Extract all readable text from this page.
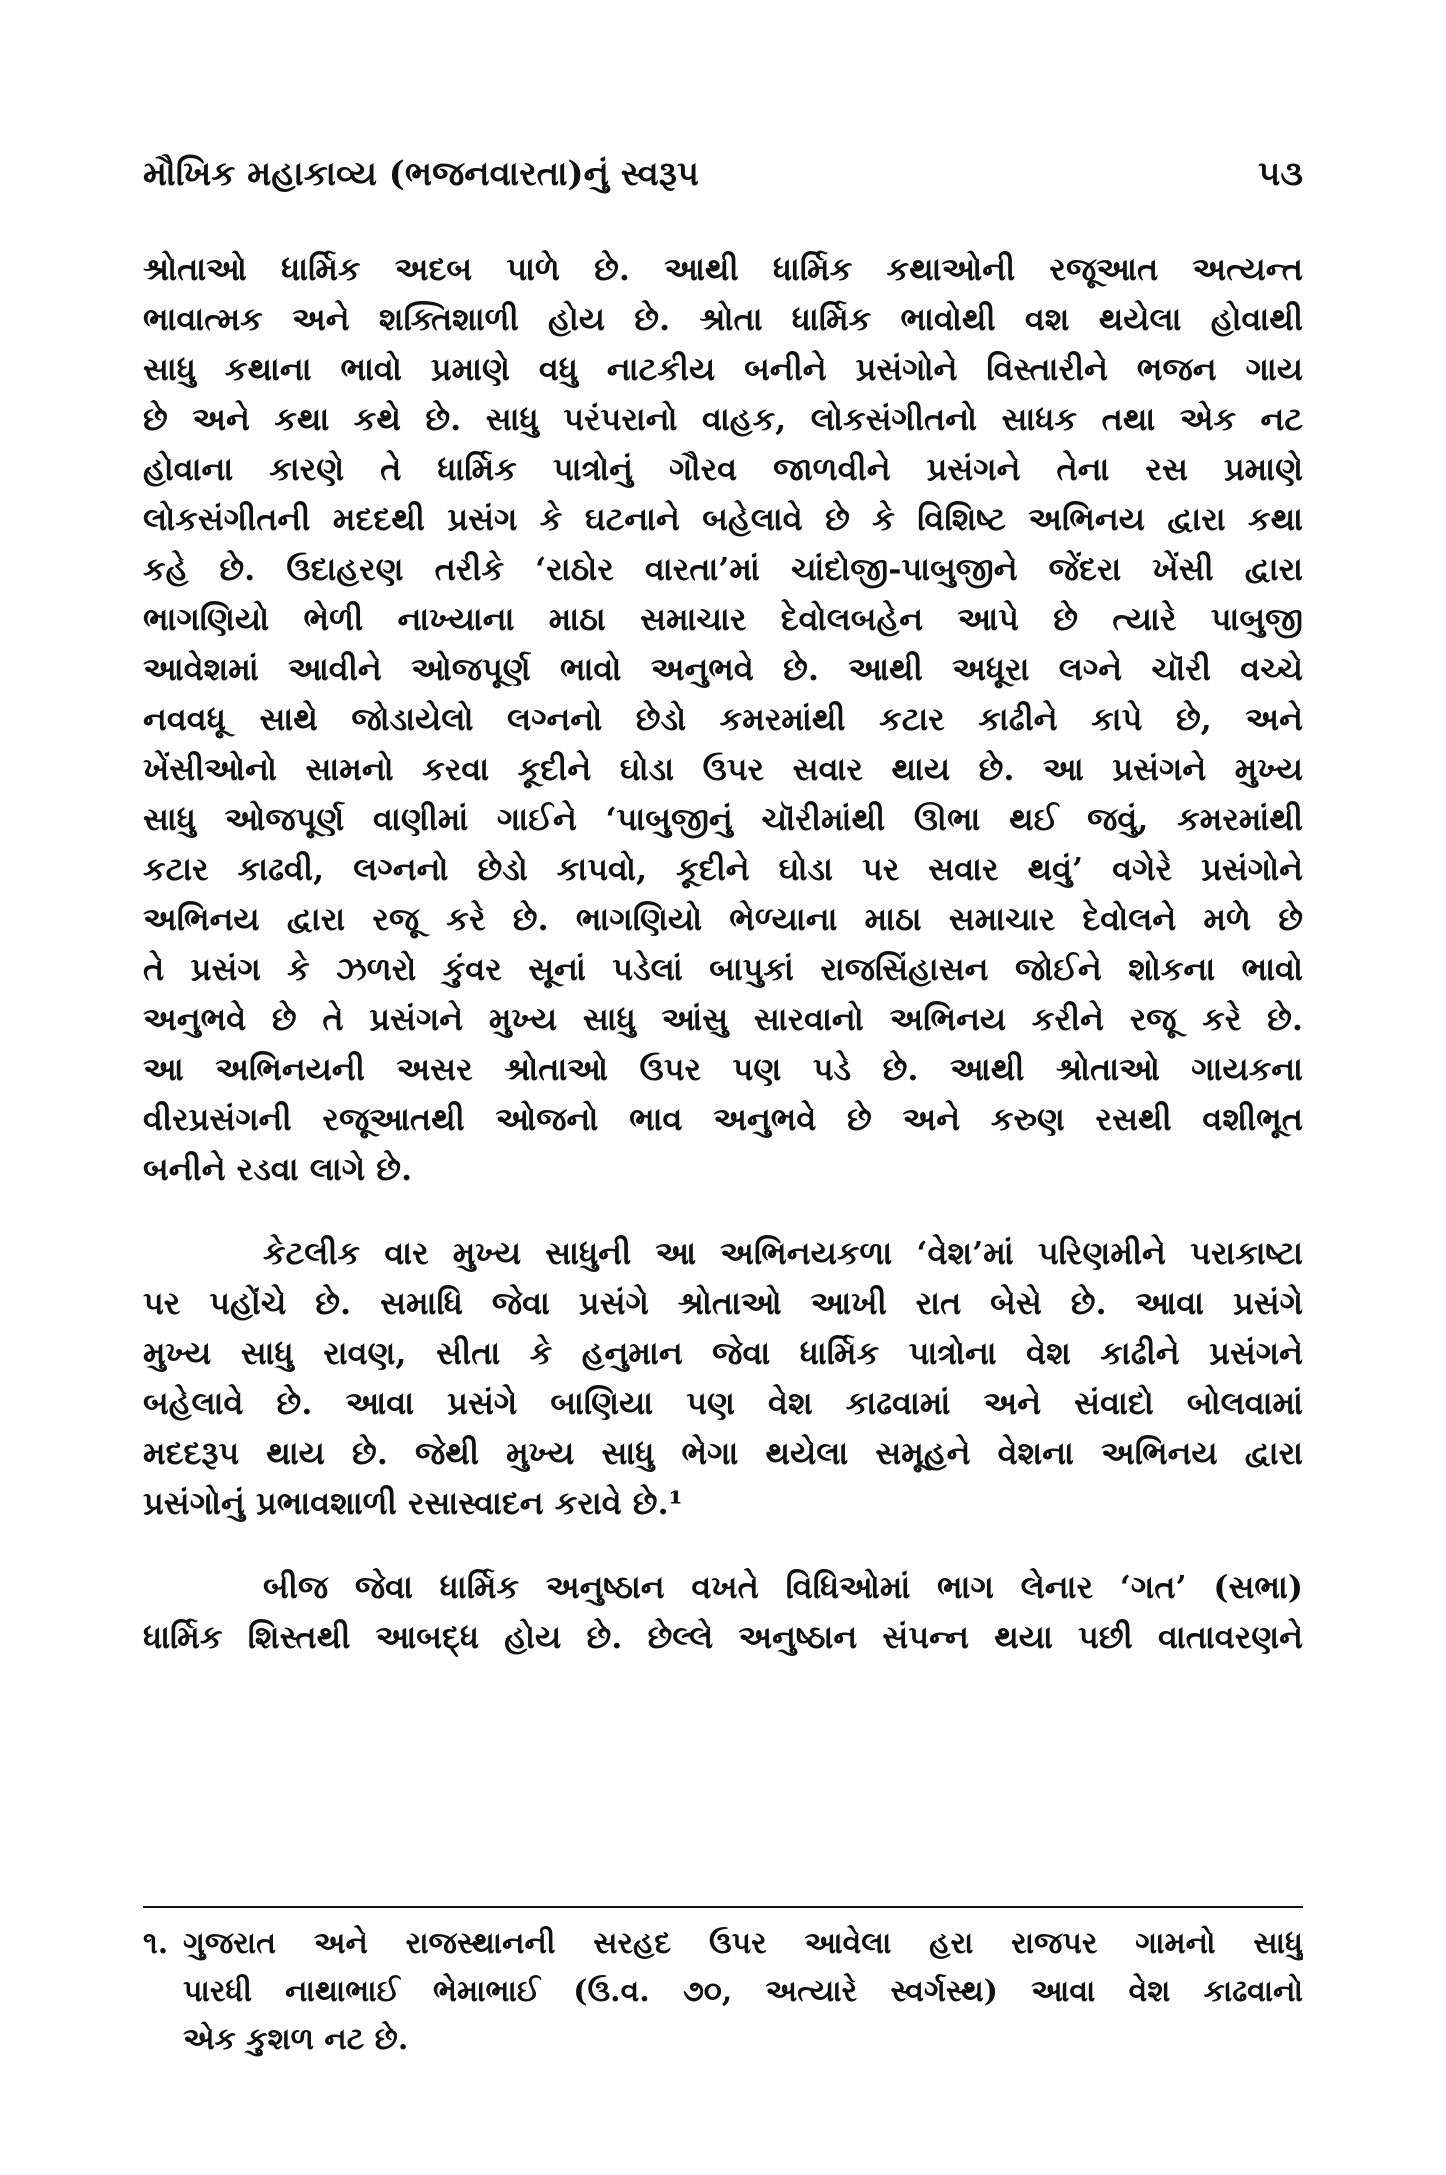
મૌખિક મહાકાવ્ય (ભજનવારતા)નું સ્વરૂપ	૫૩
શ્રોતાઓ ધાર્મિક અદબ પાળે છે. આથી ધાર્મિક કથાઓની રજૂઆત અત્યન્ત
ભાવાત્મક અને શક્તિશાળી હોય છે. શ્રોતા ધાર્મિક ભાવોથી વશ થયેલા હોવાથી
સાધુ કથાના ભાવો પ્રમાણે વધુ નાટકીય બનીને પ્રસંગોને વિસ્તારીને ભજન ગાય
છે અને કથા કથે છે. સાધુ પરંપરાનો વાહક, લોકસંગીતનો સાધક તથા એક નટ
હોવાના કારણે તે ધાર્મિક પાત્રોનું ગૌરવ જાળવીને પ્રસંગને તેના રસ પ્રમાણે
લોકસંગીતની મદદથી પ્રસંગ કે ઘટનાને બહેલાવે છે કે વિશિષ્ટ અભિનય દ્વારા કથા
કહે છે. ઉદાહરણ તરીકે ‘રાઠોર વારતા’માં ચાંદોજી-પાબુજીને જેંદરા ખેંસી દ્વારા
ભાગણિયો ભેળી નાખ્યાના માઠા સમાચાર દેવોલબહેન આપે છે ત્યારે પાબુજી
આવેશમાં આવીને ઓજપૂર્ણ ભાવો અનુભવે છે. આથી અધૂરા લગ્ને ચૉરી વચ્ચે
નવવધૂ સાથે જોડાયેલો લગ્નનો છેડો કમરમાંથી કટાર કાઢીને કાપે છે, અને
ખેંસીઓનો સામનો કરવા કૂદીને ઘોડા ઉપર સવાર થાય છે. આ પ્રસંગને મુખ્ય
સાધુ ઓજપૂર્ણ વાણીમાં ગાઈને ‘પાબુજીનું ચૉરીમાંથી ઊભા થઈ જવું, કમરમાંથી
કટાર કાઢવી, લગ્નનો છેડો કાપવો, કૂદીને ઘોડા પર સવાર થવું’ વગેરે પ્રસંગોને
અભિનય દ્વારા રજૂ કરે છે. ભાગણિયો ભેળ્યાના માઠા સમાચાર દેવોલને મળે છે
તે પ્રસંગ કે ઝળરો કુંવર સૂનાં પડેલાં બાપુકાં રાજસિંહાસન જોઈને શોકના ભાવો
અનુભવે છે તે પ્રસંગને મુખ્ય સાધુ આંસુ સારવાનો અભિનય કરીને રજૂ કરે છે.
આ અભિનયની અસર શ્રોતાઓ ઉપર પણ પડે છે. આથી શ્રોતાઓ ગાયકના
વીરપ્રસંગની રજૂઆતથી ઓજનો ભાવ અનુભવે છે અને કરુણ રસથી વશીભૂત
બનીને રડવા લાગે છે.
કેટલીક વાર મુખ્ય સાધુની આ અભિનયકળા ‘વેશ’માં પરિણમીને પરાકાષ્ટા
પર પહોંચે છે. સમાધિ જેવા પ્રસંગે શ્રોતાઓ આખી રાત બેસે છે. આવા પ્રસંગે
મુખ્ય સાધુ રાવણ, સીતા કે હનુમાન જેવા ધાર્મિક પાત્રોના વેશ કાઢીને પ્રસંગને
બહેલાવે છે. આવા પ્રસંગે બાણિયા પણ વેશ કાઢવામાં અને સંવાદો બોલવામાં
મદદરૂપ થાય છે. જેથી મુખ્ય સાધુ ભેગા થયેલા સમૂહને વેશના અભિનય દ્વારા
પ્રસંગોનું પ્રભાવશાળી રસાસ્વાદન કરાવે છે.¹
બીજ જેવા ધાર્મિક અનુષ્ઠાન વખતે વિધિઓમાં ભાગ લેનાર ‘ગત’ (સભા)
ધાર્મિક શિસ્તથી આબદ્ધ હોય છે. છેલ્લે અનુષ્ઠાન સંપન્ન થયા પછી વાતાવરણને
૧. ગુજરાત અને રાજસ્થાનની સરહદ ઉપર આવેલા હરા રાજપર ગામનો સાધુ
પારધી નાથાભાઈ ભેમાભાઈ (ઉ.વ. ૭૦, અત્યારે સ્વર્ગસ્થ) આવા વેશ કાઢવાનો
એક કુશળ નટ છે.
